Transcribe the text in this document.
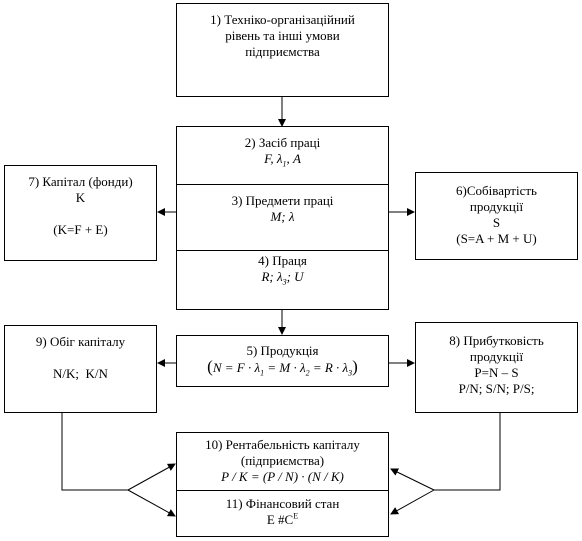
1) Техніко-організаційний
рівень та інші умови
підприємства
2) Засіб праці
F, $\lambda_1$, A
3) Предмети праці
M; λ
4) Праця
R; $\lambda_3$; U
7) Капітал (фонди)
K
(K=F + E)
6)Собівартість
продукції
S
(S=A + M + U)
5) Продукція
$(N = F \cdot \lambda_1 = M \cdot \lambda_2 = R \cdot \lambda_3)$
9) Обіг капіталу
N/K;  K/N
8) Прибутковість
продукції
P=N – S
P/N; S/N; P/S;
10) Рентабельність капіталу
(підприємства)
P / K = (P / N) · (N / K)
11) Фінансовий стан
E $\#C^E$
